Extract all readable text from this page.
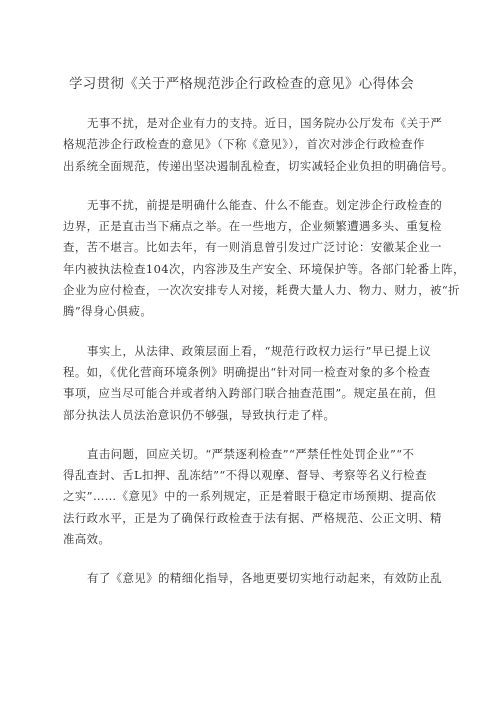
学习贯彻《关于严格规范涉企行政检查的意见》心得体会
无事不扰，是对企业有力的支持。近日，国务院办公厅发布《关于严
格规范涉企行政检查的意见》（下称《意见》），首次对涉企行政检查作
出系统全面规范，传递出坚决遏制乱检查，切实减轻企业负担的明确信号。
无事不扰，前提是明确什么能查、什么不能查。划定涉企行政检查的
边界，正是直击当下痛点之举。在一些地方，企业频繁遭遇多头、重复检
查，苦不堪言。比如去年，有一则消息曾引发过广泛讨论：安徽某企业一
年内被执法检查104次，内容涉及生产安全、环境保护等。各部门轮番上阵，
企业为应付检查，一次次安排专人对接，耗费大量人力、物力、财力，被“折
腾”得身心俱疲。
事实上，从法律、政策层面上看，“规范行政权力运行”早已提上议
程。如，《优化营商环境条例》明确提出“针对同一检查对象的多个检查
事项，应当尽可能合并或者纳入跨部门联合抽查范围”。规定虽在前，但
部分执法人员法治意识仍不够强，导致执行走了样。
直击问题，回应关切。“严禁逐利检查”“严禁任性处罚企业”“不
得乱查封、舌L扣押、乱冻结”“不得以观摩、督导、考察等名义行检查
之实”……《意见》中的一系列规定，正是着眼于稳定市场预期、提高依
法行政水平，正是为了确保行政检查于法有据、严格规范、公正文明、精
准高效。
有了《意见》的精细化指导，各地更要切实地行动起来，有效防止乱
